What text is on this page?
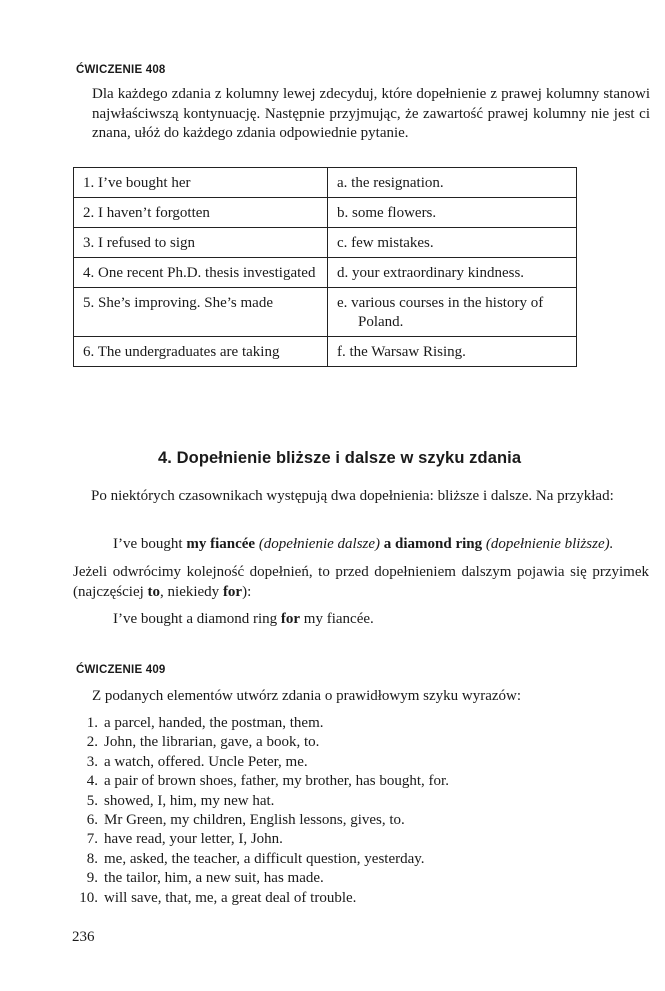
ĆWICZENIE 408

Dla każdego zdania z kolumny lewej zdecyduj, które dopełnienie z prawej kolumny stanowi najwłaściwszą kontynuację. Następnie przyjmując, że zawartość prawej kolumny nie jest ci znana, ułóż do każdego zdania odpowiednie pytanie.

1. I’ve bought her	a. the resignation.
2. I haven’t forgotten	b. some flowers.
3. I refused to sign	c. few mistakes.

4. One recent Ph.D. thesis investigated	d. your extraordinary kindness.
5. She’s improving. She’s made	e. various courses in the history of Poland.

6. The undergraduates are taking	f. the Warsaw Rising.
4. Dopełnienie bliższe i dalsze w szyku zdania

Po niektórych czasownikach występują dwa dopełnienia: bliższe i dalsze. Na przykład:

I’ve bought my fiancée (dopełnienie dalsze) a diamond ring (dopełnienie bliższe).

Jeżeli odwrócimy kolejność dopełnień, to przed dopełnieniem dalszym pojawia się przyimek (najczęściej to, niekiedy for):

I’ve bought a diamond ring for my fiancée.
ĆWICZENIE 409
Z podanych elementów utwórz zdania o prawidłowym szyku wyrazów:
1. a parcel, handed, the postman, them.
2. John, the librarian, gave, a book, to.
3. a watch, offered. Uncle Peter, me.
4. a pair of brown shoes, father, my brother, has bought, for.
5. showed, I, him, my new hat.
6. Mr Green, my children, English lessons, gives, to.
7. have read, your letter, I, John.
8. me, asked, the teacher, a difficult question, yesterday.
9. the tailor, him, a new suit, has made.
10. will save, that, me, a great deal of trouble.
236
